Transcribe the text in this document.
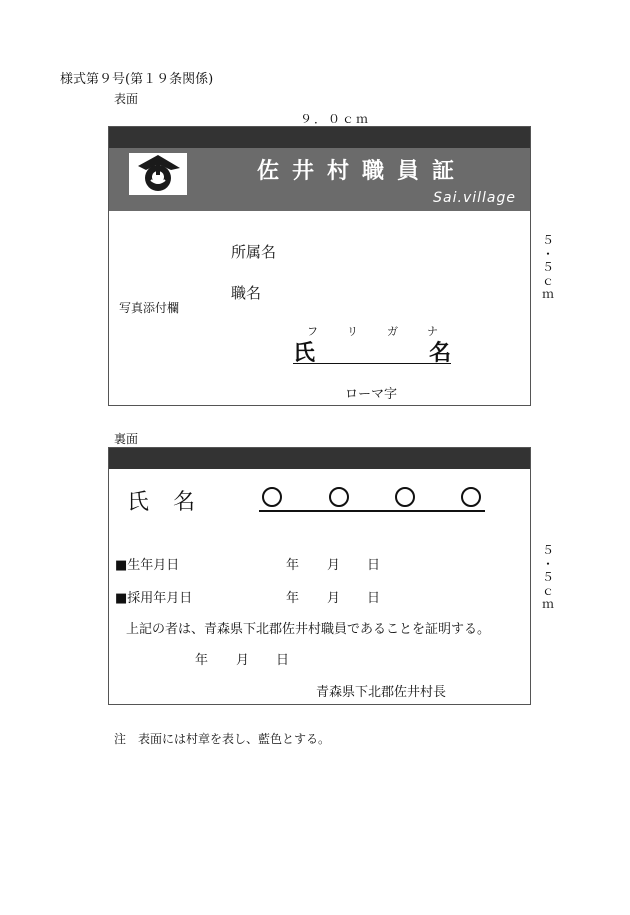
様式第９号(第１９条関係)
表面
９．０ｃｍ
佐井村職員証
Sai.village
所属名
職名
写真添付欄
フ	リ	ガ	ナ
氏	名
ローマ字
５
・
５
ｃ
ｍ
裏面
氏 名
■生年月日	年 月 日
■採用年月日	年 月 日
上記の者は、青森県下北郡佐井村職員であることを証明する。
年 月 日
青森県下北郡佐井村長
５
・
５
ｃ
ｍ
注　表面には村章を表し、藍色とする。
